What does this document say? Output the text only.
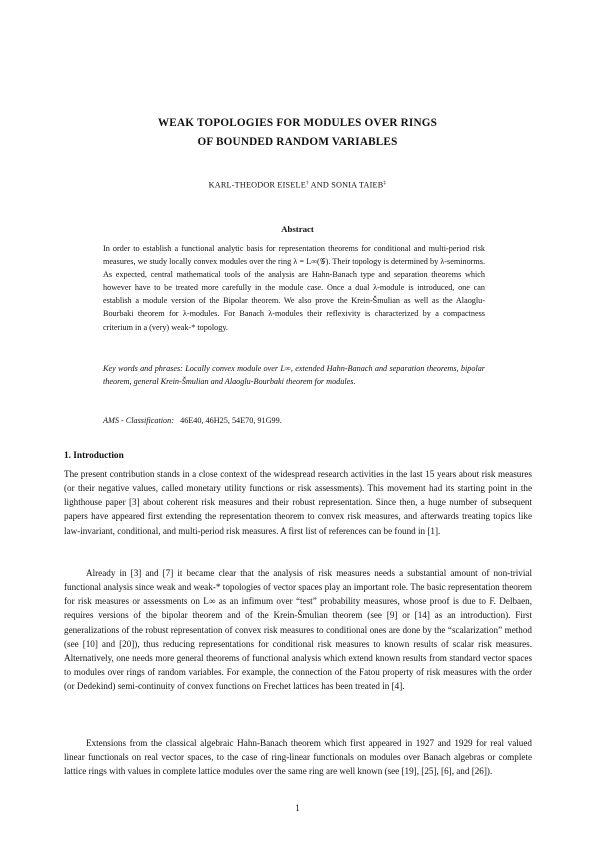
WEAK TOPOLOGIES FOR MODULES OVER RINGS
OF BOUNDED RANDOM VARIABLES
KARL-THEODOR EISELE† AND SONIA TAIEB‡
Abstract

In order to establish a functional analytic basis for representation theorems for conditional and multi-period risk measures, we study locally convex modules over the ring λ = L∞(𝒢). Their topology is determined by λ-seminorms. As expected, central mathematical tools of the analysis are Hahn-Banach type and separation theorems which however have to be treated more carefully in the module case. Once a dual λ-module is introduced, one can establish a module version of the Bipolar theorem. We also prove the Krein-Šmulian as well as the Alaoglu-Bourbaki theorem for λ-modules. For Banach λ-modules their reflexivity is characterized by a compactness criterium in a (very) weak-* topology.

Key words and phrases: Locally convex module over L∞, extended Hahn-Banach and separation theorems, bipolar theorem, general Krein-Šmulian and Alaoglu-Bourbaki theorem for modules.

AMS - Classification: 46E40, 46H25, 54E70, 91G99.

1. Introduction

The present contribution stands in a close context of the widespread research activities in the last 15 years about risk measures (or their negative values, called monetary utility functions or risk assessments). This movement had its starting point in the lighthouse paper [3] about coherent risk measures and their robust representation. Since then, a huge number of subsequent papers have appeared first extending the representation theorem to convex risk measures, and afterwards treating topics like law-invariant, conditional, and multi-period risk measures. A first list of references can be found in [1].

Already in [3] and [7] it became clear that the analysis of risk measures needs a substantial amount of non-trivial functional analysis since weak and weak-* topologies of vector spaces play an important role. The basic representation theorem for risk measures or assessments on L∞ as an infimum over “test” probability measures, whose proof is due to F. Delbaen, requires versions of the bipolar theorem and of the Krein-Šmulian theorem (see [9] or [14] as an introduction). First generalizations of the robust representation of convex risk measures to conditional ones are done by the “scalarization” method (see [10] and [20]), thus reducing representations for conditional risk measures to known results of scalar risk measures. Alternatively, one needs more general theorems of functional analysis which extend known results from standard vector spaces to modules over rings of random variables. For example, the connection of the Fatou property of risk measures with the order (or Dedekind) semi-continuity of convex functions on Frechet lattices has been treated in [4].

Extensions from the classical algebraic Hahn-Banach theorem which first appeared in 1927 and 1929 for real valued linear functionals on real vector spaces, to the case of ring-linear functionals on modules over Banach algebras or complete lattice rings with values in complete lattice modules over the same ring are well known (see [19], [25], [6], and [26]).

1
